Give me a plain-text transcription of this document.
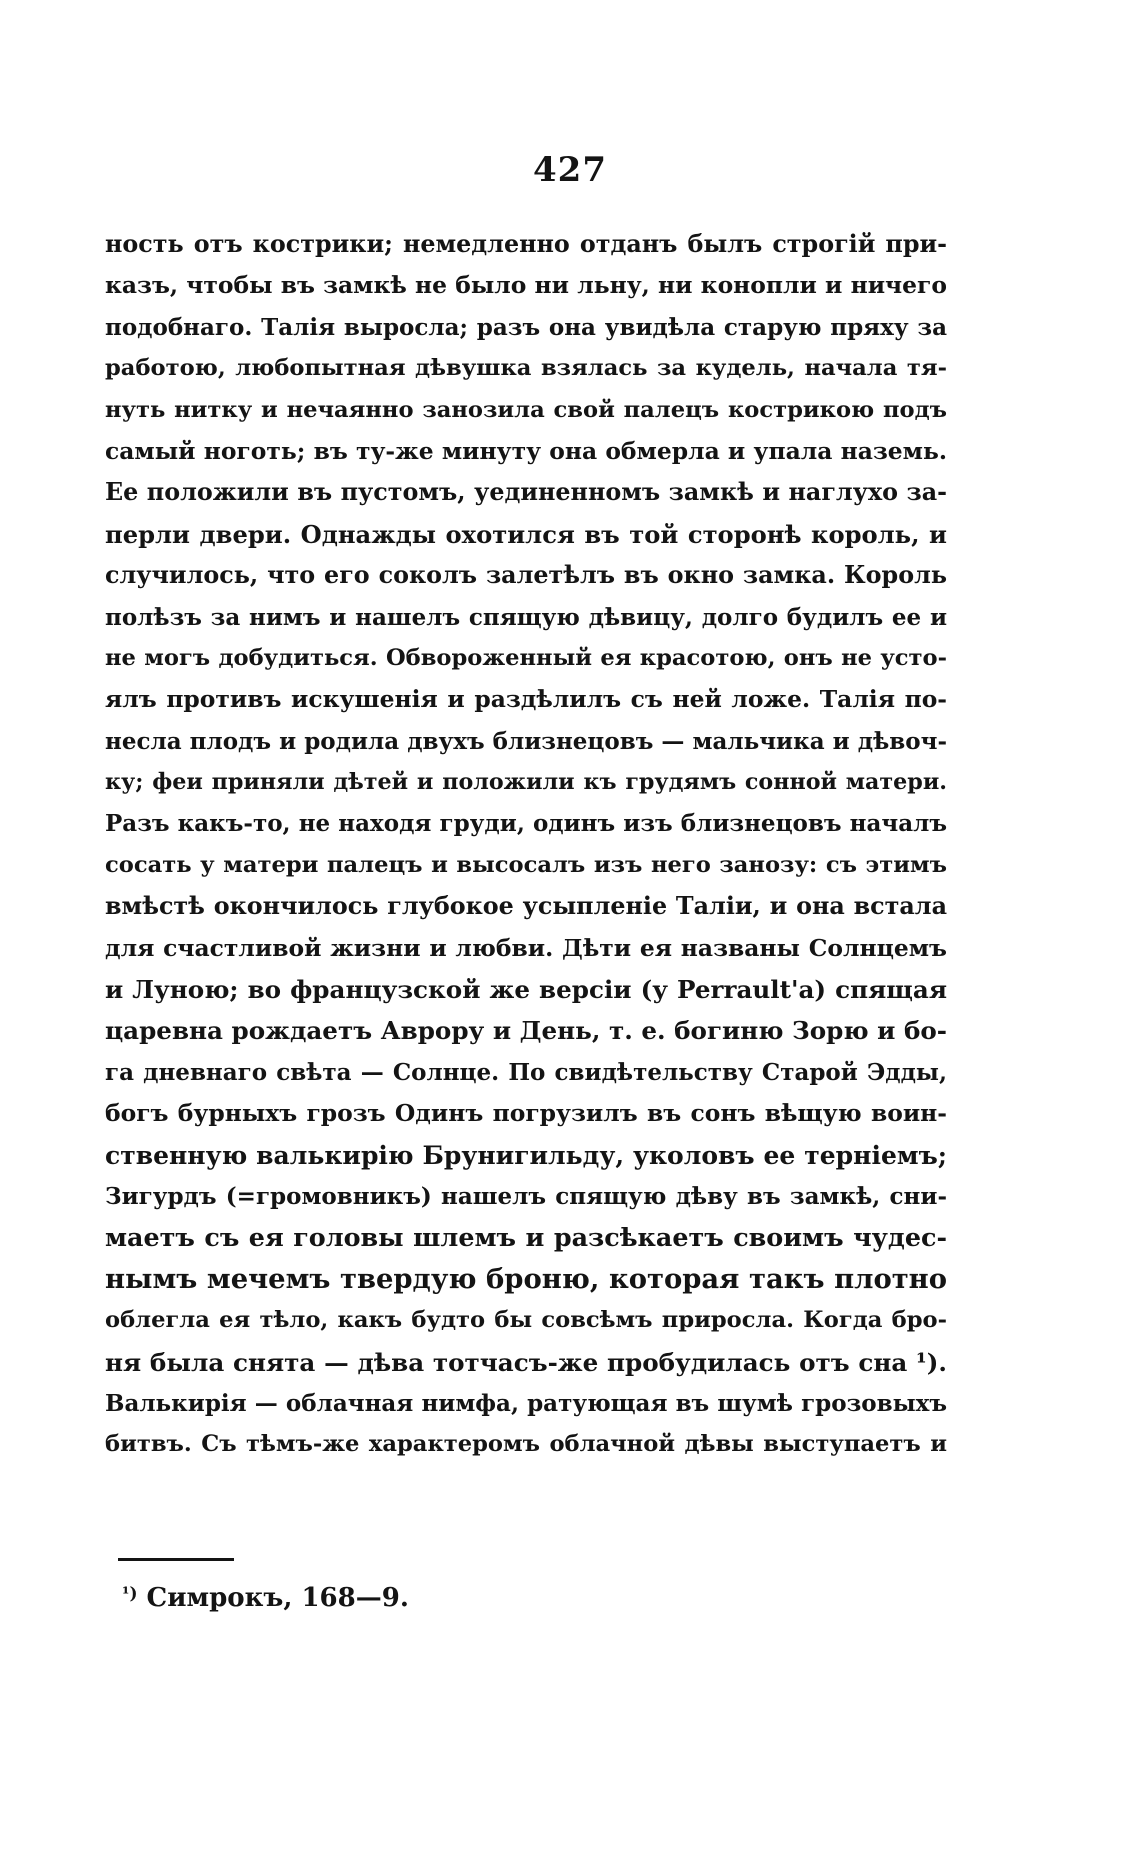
427
ность отъ кострики; немедленно отданъ былъ строгій при-
казъ, чтобы въ замкѣ не было ни льну, ни конопли и ничего
подобнаго. Талія выросла; разъ она увидѣла старую пряху за
работою, любопытная дѣвушка взялась за кудель, начала тя-
нуть нитку и нечаянно занозила свой палецъ кострикою подъ
самый ноготь; въ ту-же минуту она обмерла и упала наземь.
Ее положили въ пустомъ, уединенномъ замкѣ и наглухо за-
перли двери. Однажды охотился въ той сторонѣ король, и
случилось, что его соколъ залетѣлъ въ окно замка. Король
полѣзъ за нимъ и нашелъ спящую дѣвицу, долго будилъ ее и
не могъ добудиться. Обвороженный ея красотою, онъ не усто-
ялъ противъ искушенія и раздѣлилъ съ ней ложе. Талія по-
несла плодъ и родила двухъ близнецовъ — мальчика и дѣвоч-
ку; феи приняли дѣтей и положили къ грудямъ сонной матери.
Разъ какъ-то, не находя груди, одинъ изъ близнецовъ началъ
сосать у матери палецъ и высосалъ изъ него занозу: съ этимъ
вмѣстѣ окончилось глубокое усыпленіе Таліи, и она встала
для счастливой жизни и любви. Дѣти ея названы Солнцемъ
и Луною; во французской же версіи (у Perrault'а) спящая
царевна рождаетъ Аврору и День, т. е. богиню Зорю и бо-
га дневнаго свѣта — Солнце. По свидѣтельству Старой Эдды,
богъ бурныхъ грозъ Одинъ погрузилъ въ сонъ вѣщую воин-
ственную валькирію Брунигильду, уколовъ ее терніемъ;
Зигурдъ (=громовникъ) нашелъ спящую дѣву въ замкѣ, сни-
маетъ съ ея головы шлемъ и разсѣкаетъ своимъ чудес-
нымъ мечемъ твердую броню, которая такъ плотно
облегла ея тѣло, какъ будто бы совсѣмъ приросла. Когда бро-
ня была снята — дѣва тотчасъ-же пробудилась отъ сна ¹).
Валькирія — облачная нимфа, ратующая въ шумѣ грозовыхъ
битвъ. Съ тѣмъ-же характеромъ облачной дѣвы выступаетъ и
$^{^1)}$ Симрокъ, 168—9.
